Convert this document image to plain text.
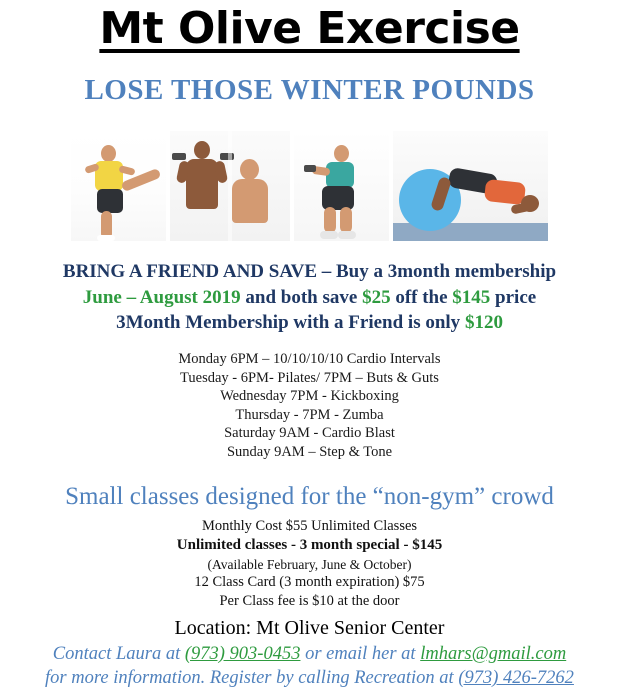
Mt Olive Exercise
LOSE THOSE WINTER POUNDS
BRING A FRIEND AND SAVE – Buy a 3month membership
June – August 2019 and both save $25 off the $145 price
3Month Membership with a Friend is only $120
Monday 6PM – 10/10/10/10 Cardio Intervals
Tuesday - 6PM- Pilates/ 7PM – Buts & Guts
Wednesday 7PM - Kickboxing
Thursday - 7PM - Zumba
Saturday 9AM - Cardio Blast
Sunday 9AM – Step & Tone
Small classes designed for the “non-gym” crowd
Monthly Cost $55 Unlimited Classes
Unlimited classes - 3 month special - $145
(Available February, June & October)
12 Class Card (3 month expiration) $75
Per Class fee is $10 at the door
Location: Mt Olive Senior Center
Contact Laura at (973) 903-0453 or email her at lmhars@gmail.com
for more information. Register by calling Recreation at (973) 426-7262
